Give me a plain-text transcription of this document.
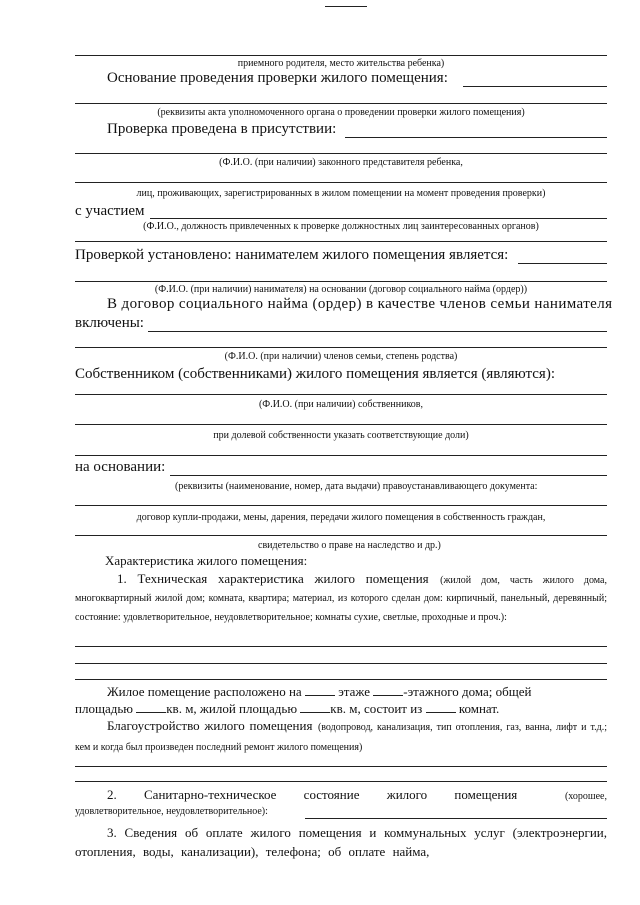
приемного родителя, место жительства ребенка)
Основание проведения проверки жилого помещения:
(реквизиты акта уполномоченного органа о проведении проверки жилого помещения)
Проверка проведена в присутствии:
(Ф.И.О. (при наличии) законного представителя ребенка,
лиц, проживающих, зарегистрированных в жилом помещении на момент проведения проверки)
с участием
(Ф.И.О., должность привлеченных к проверке должностных лиц заинтересованных органов)
Проверкой установлено: нанимателем жилого помещения является:
(Ф.И.О. (при наличии) нанимателя) на основании (договор социального найма (ордер))
В договор социального найма (ордер) в качестве членов семьи нанимателя
включены:
(Ф.И.О. (при наличии) членов семьи, степень родства)
Собственником (собственниками) жилого помещения является (являются):
(Ф.И.О. (при наличии) собственников,
при долевой собственности указать соответствующие доли)
на основании:
(реквизиты (наименование, номер, дата выдачи) правоустанавливающего документа:
договор купли-продажи, мены, дарения, передачи жилого помещения в собственность граждан,
свидетельство о праве на наследство и др.)
Характеристика жилого помещения:
1. Техническая характеристика жилого помещения (жилой дом, часть жилого дома, многоквартирный жилой дом; комната, квартира; материал, из которого сделан дом: кирпичный, панельный, деревянный; состояние: удовлетворительное, неудовлетворительное; комнаты сухие, светлые, проходные и проч.):
Жилое помещение расположено на	этаже	-этажного дома; общей
площадью	кв. м, жилой площадью	кв. м, состоит из	комнат.
Благоустройство жилого помещения (водопровод, канализация, тип отопления, газ, ванна, лифт и т.д.; кем и когда был произведен последний ремонт жилого помещения)
2. Санитарно-техническое состояние жилого помещения	(хорошее,
удовлетворительное, неудовлетворительное):
3. Сведения об оплате жилого помещения и коммунальных услуг (электроэнергии, отопления, воды, канализации), телефона; об оплате найма,
